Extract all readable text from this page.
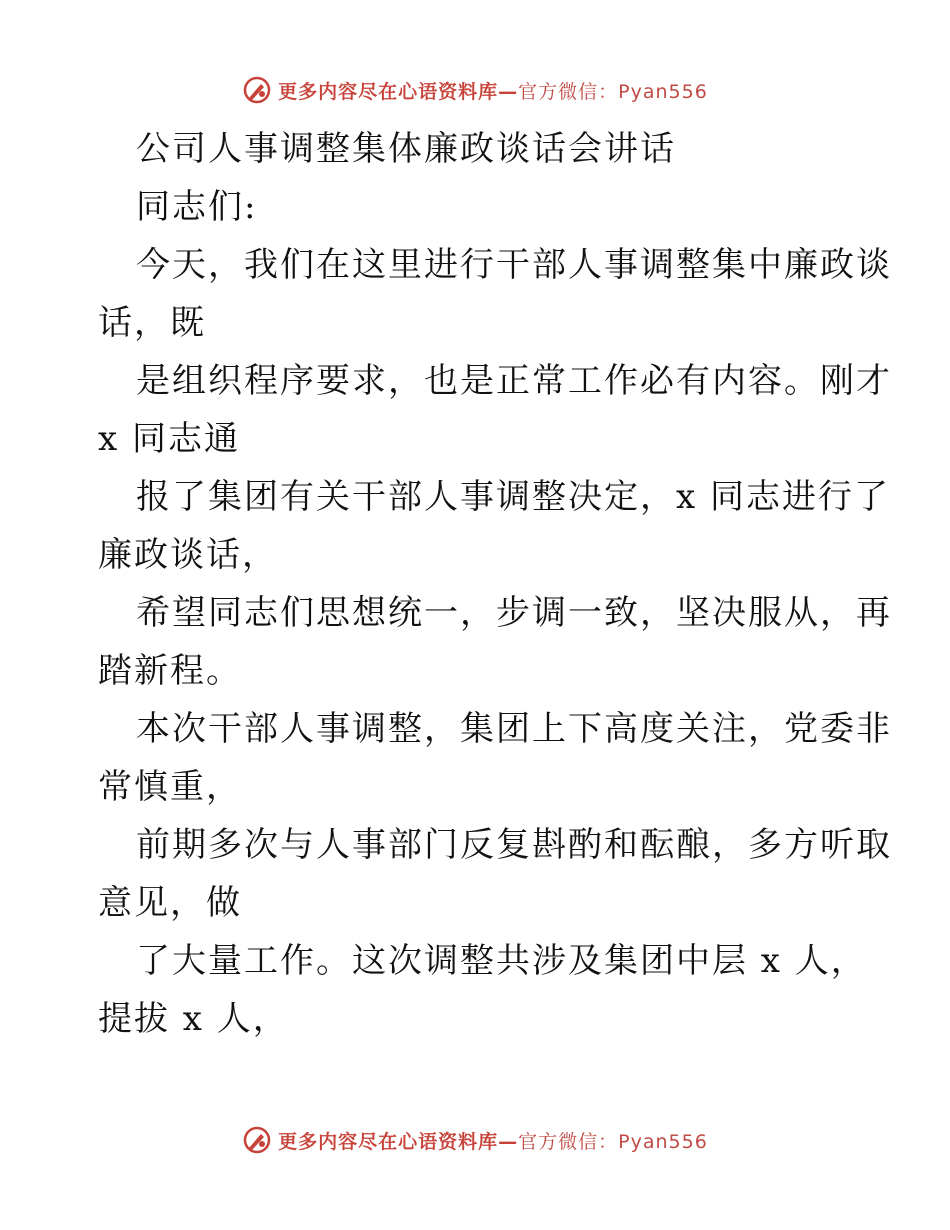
更多内容尽在心语资料库—官方微信：Pyan556
公司人事调整集体廉政谈话会讲话
同志们:
今天，我们在这里进行干部人事调整集中廉政谈
话，既
是组织程序要求，也是正常工作必有内容。刚才
x 同志通
报了集团有关干部人事调整决定，x 同志进行了
廉政谈话，
希望同志们思想统一，步调一致，坚决服从，再
踏新程。
本次干部人事调整，集团上下高度关注，党委非
常慎重，
前期多次与人事部门反复斟酌和酝酿，多方听取
意见，做
了大量工作。这次调整共涉及集团中层 x 人，
提拔 x 人，
更多内容尽在心语资料库—官方微信：Pyan556
